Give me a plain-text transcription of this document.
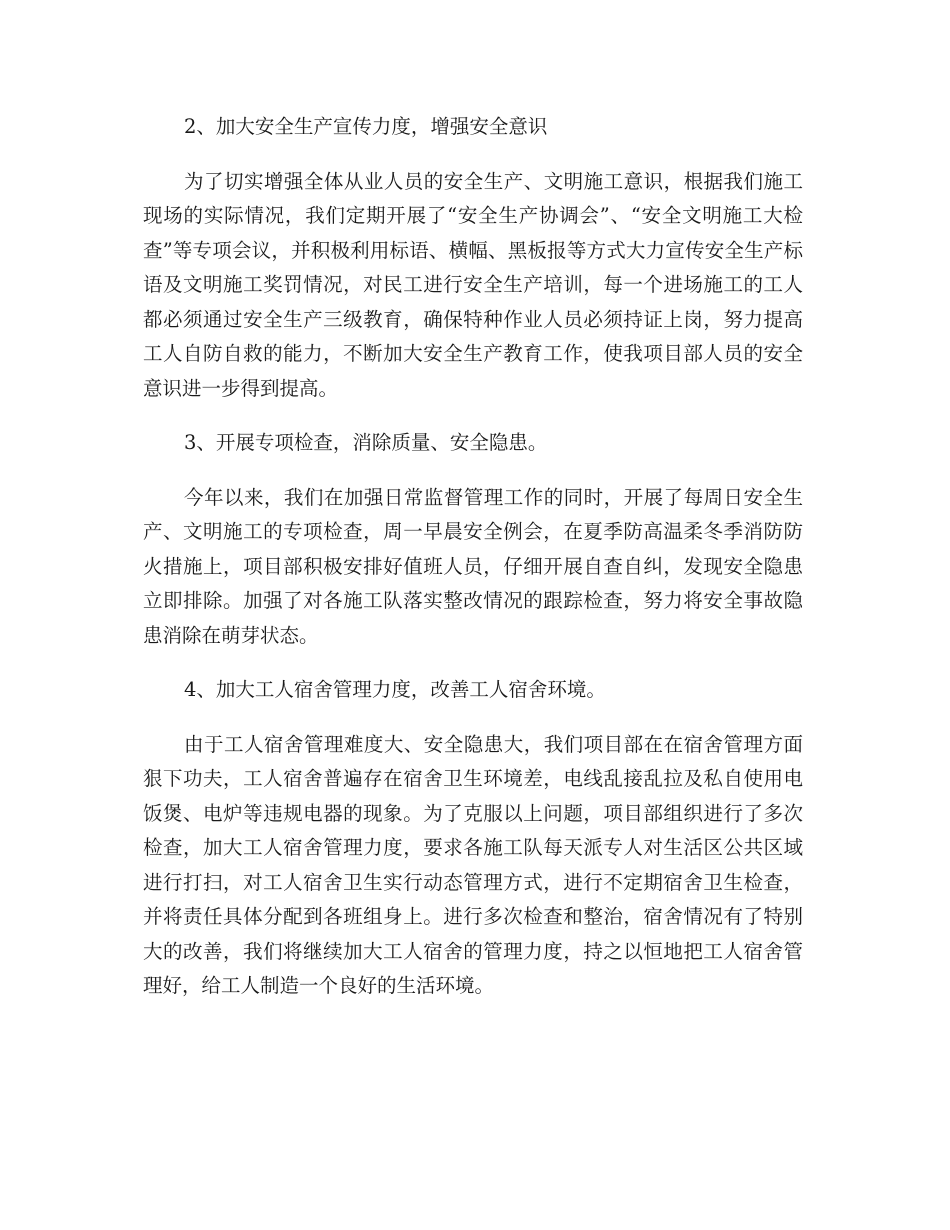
2、加大安全生产宣传力度，增强安全意识

为了切实增强全体从业人员的安全生产、文明施工意识，根据我们施工现场的实际情况，我们定期开展了“安全生产协调会”、“安全文明施工大检查”等专项会议，并积极利用标语、横幅、黑板报等方式大力宣传安全生产标语及文明施工奖罚情况，对民工进行安全生产培训，每一个进场施工的工人都必须通过安全生产三级教育，确保特种作业人员必须持证上岗，努力提高工人自防自救的能力，不断加大安全生产教育工作，使我项目部人员的安全意识进一步得到提高。

3、开展专项检查，消除质量、安全隐患。

今年以来，我们在加强日常监督管理工作的同时，开展了每周日安全生产、文明施工的专项检查，周一早晨安全例会，在夏季防高温柔冬季消防防火措施上，项目部积极安排好值班人员，仔细开展自查自纠，发现安全隐患立即排除。加强了对各施工队落实整改情况的跟踪检查，努力将安全事故隐患消除在萌芽状态。

4、加大工人宿舍管理力度，改善工人宿舍环境。

由于工人宿舍管理难度大、安全隐患大，我们项目部在在宿舍管理方面狠下功夫，工人宿舍普遍存在宿舍卫生环境差，电线乱接乱拉及私自使用电饭煲、电炉等违规电器的现象。为了克服以上问题，项目部组织进行了多次检查，加大工人宿舍管理力度，要求各施工队每天派专人对生活区公共区域进行打扫，对工人宿舍卫生实行动态管理方式，进行不定期宿舍卫生检查，并将责任具体分配到各班组身上。进行多次检查和整治，宿舍情况有了特别大的改善，我们将继续加大工人宿舍的管理力度，持之以恒地把工人宿舍管理好，给工人制造一个良好的生活环境。
